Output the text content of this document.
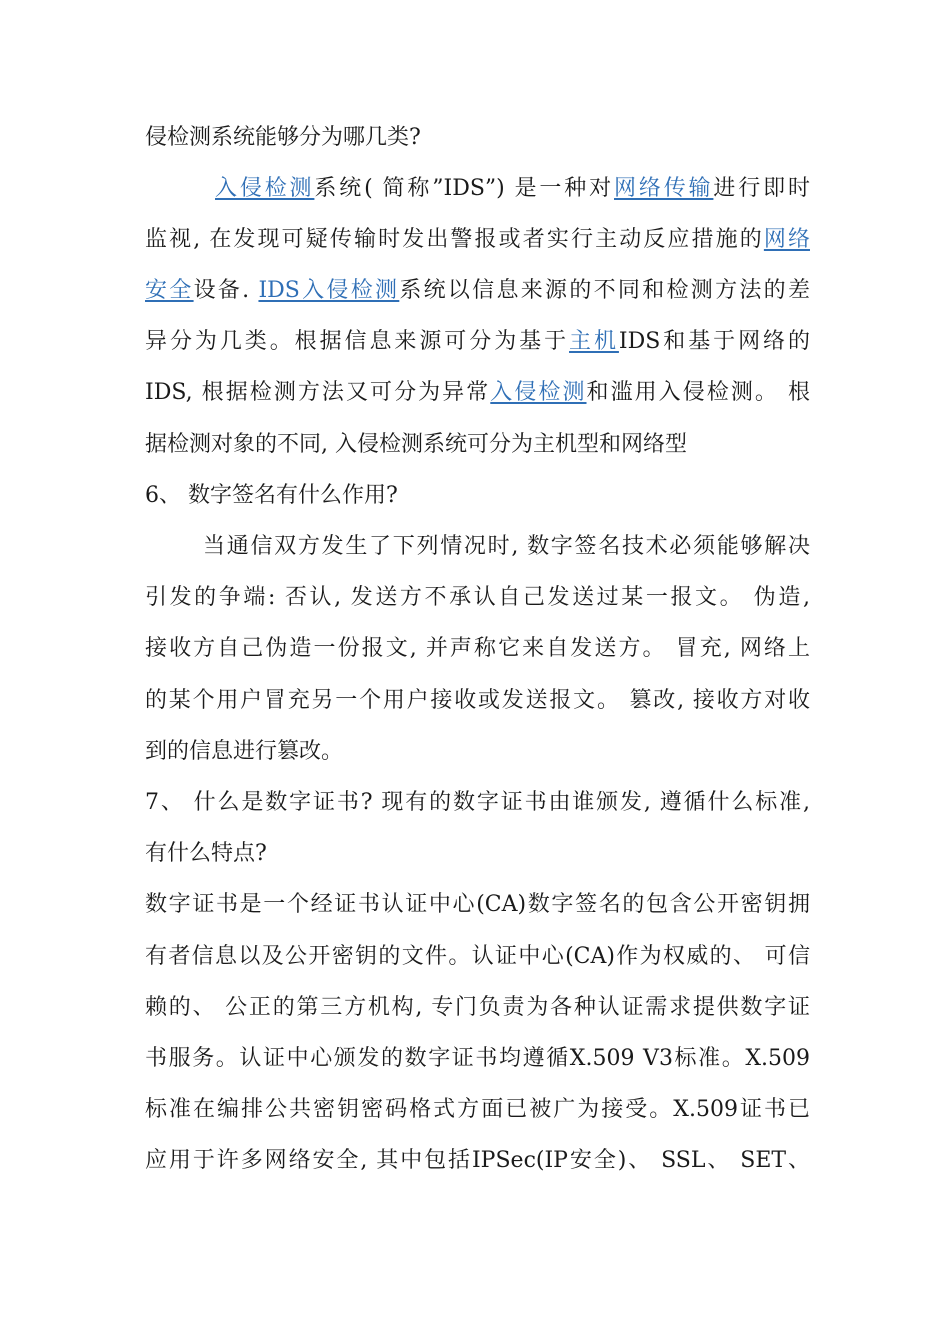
侵检测系统能够分为哪几类?
入侵检测系统( 简称”IDS”) 是一种对网络传输进行即时
监视, 在发现可疑传输时发出警报或者实行主动反应措施的网络
安全设备. IDS入侵检测系统以信息来源的不同和检测方法的差
异分为几类。根据信息来源可分为基于主机IDS和基于网络的
IDS, 根据检测方法又可分为异常入侵检测和滥用入侵检测。 根
据检测对象的不同, 入侵检测系统可分为主机型和网络型
6、 数字签名有什么作用?
当通信双方发生了下列情况时, 数字签名技术必须能够解决
引发的争端: 否认, 发送方不承认自己发送过某一报文。 伪造,
接收方自己伪造一份报文, 并声称它来自发送方。 冒充, 网络上
的某个用户冒充另一个用户接收或发送报文。 篡改, 接收方对收
到的信息进行篡改。
7、 什么是数字证书? 现有的数字证书由谁颁发, 遵循什么标准,
有什么特点?
数字证书是一个经证书认证中心(CA)数字签名的包含公开密钥拥
有者信息以及公开密钥的文件。认证中心(CA)作为权威的、 可信
赖的、 公正的第三方机构, 专门负责为各种认证需求提供数字证
书服务。认证中心颁发的数字证书均遵循X.509 V3标准。X.509
标准在编排公共密钥密码格式方面已被广为接受。X.509证书已
应用于许多网络安全, 其中包括IPSec(IP安全)、 SSL、 SET、
